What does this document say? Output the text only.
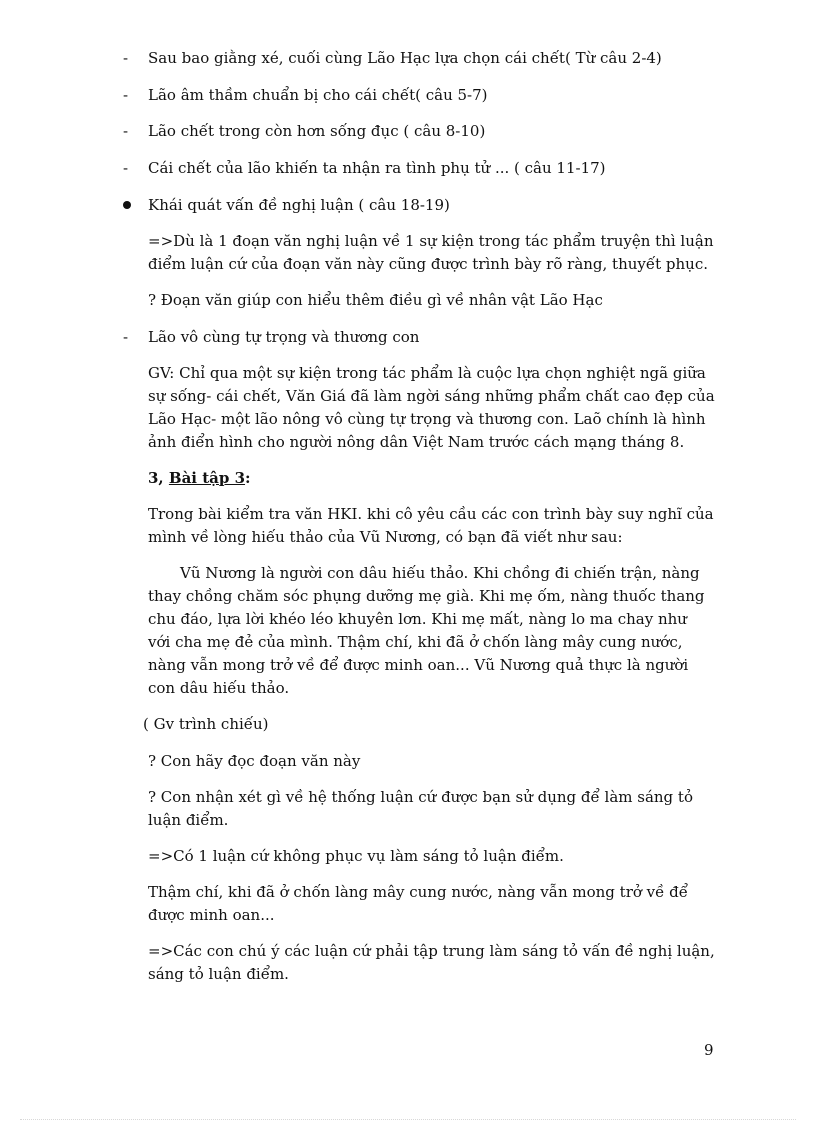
- Sau bao giằng xé, cuối cùng Lão Hạc lựa chọn cái chết( Từ câu 2-4)
- Lão âm thầm chuẩn bị cho cái chết( câu 5-7)
- Lão chết trong còn hơn sống đục ( câu 8-10)
- Cái chết của lão khiến ta nhận ra tình phụ tử ... ( câu 11-17)
Khái quát vấn đề nghị luận ( câu 18-19)
=>Dù là 1 đoạn văn nghị luận về 1 sự kiện trong tác phẩm truyện thì luận
điểm luận cứ của đoạn văn này cũng được trình bày rõ ràng, thuyết phục.
? Đoạn văn giúp con hiểu thêm điều gì về nhân vật Lão Hạc
- Lão vô cùng tự trọng và thương con
GV: Chỉ qua một sự kiện trong tác phẩm là cuộc lựa chọn nghiệt ngã giữa
sự sống- cái chết, Văn Giá đã làm ngời sáng những phẩm chất cao đẹp của
Lão Hạc- một lão nông vô cùng tự trọng và thương con. Laõ chính là hình
ảnh điển hình cho người nông dân Việt Nam trước cách mạng tháng 8.
3, Bài tập 3:
Trong bài kiểm tra văn HKI. khi cô yêu cầu các con trình bày suy nghĩ của
mình về lòng hiếu thảo của Vũ Nương, có bạn đã viết như sau:
Vũ Nương là người con dâu hiếu thảo. Khi chồng đi chiến trận, nàng
thay chồng chăm sóc phụng dưỡng mẹ già. Khi mẹ ốm, nàng thuốc thang
chu đáo, lựa lời khéo léo khuyên lơn. Khi mẹ mất, nàng lo ma chay như
với cha mẹ đẻ của mình. Thậm chí, khi đã ở chốn làng mây cung nước,
nàng vẫn mong trở về để được minh oan... Vũ Nương quả thực là người
con dâu hiếu thảo.
( Gv trình chiếu)
? Con hãy đọc đoạn văn này
? Con nhận xét gì về hệ thống luận cứ được bạn sử dụng để làm sáng tỏ
luận điểm.
=>Có 1 luận cứ không phục vụ làm sáng tỏ luận điểm.
Thậm chí, khi đã ở chốn làng mây cung nước, nàng vẫn mong trở về để
được minh oan...
=>Các con chú ý các luận cứ phải tập trung làm sáng tỏ vấn đề nghị luận,
sáng tỏ luận điểm.
9
